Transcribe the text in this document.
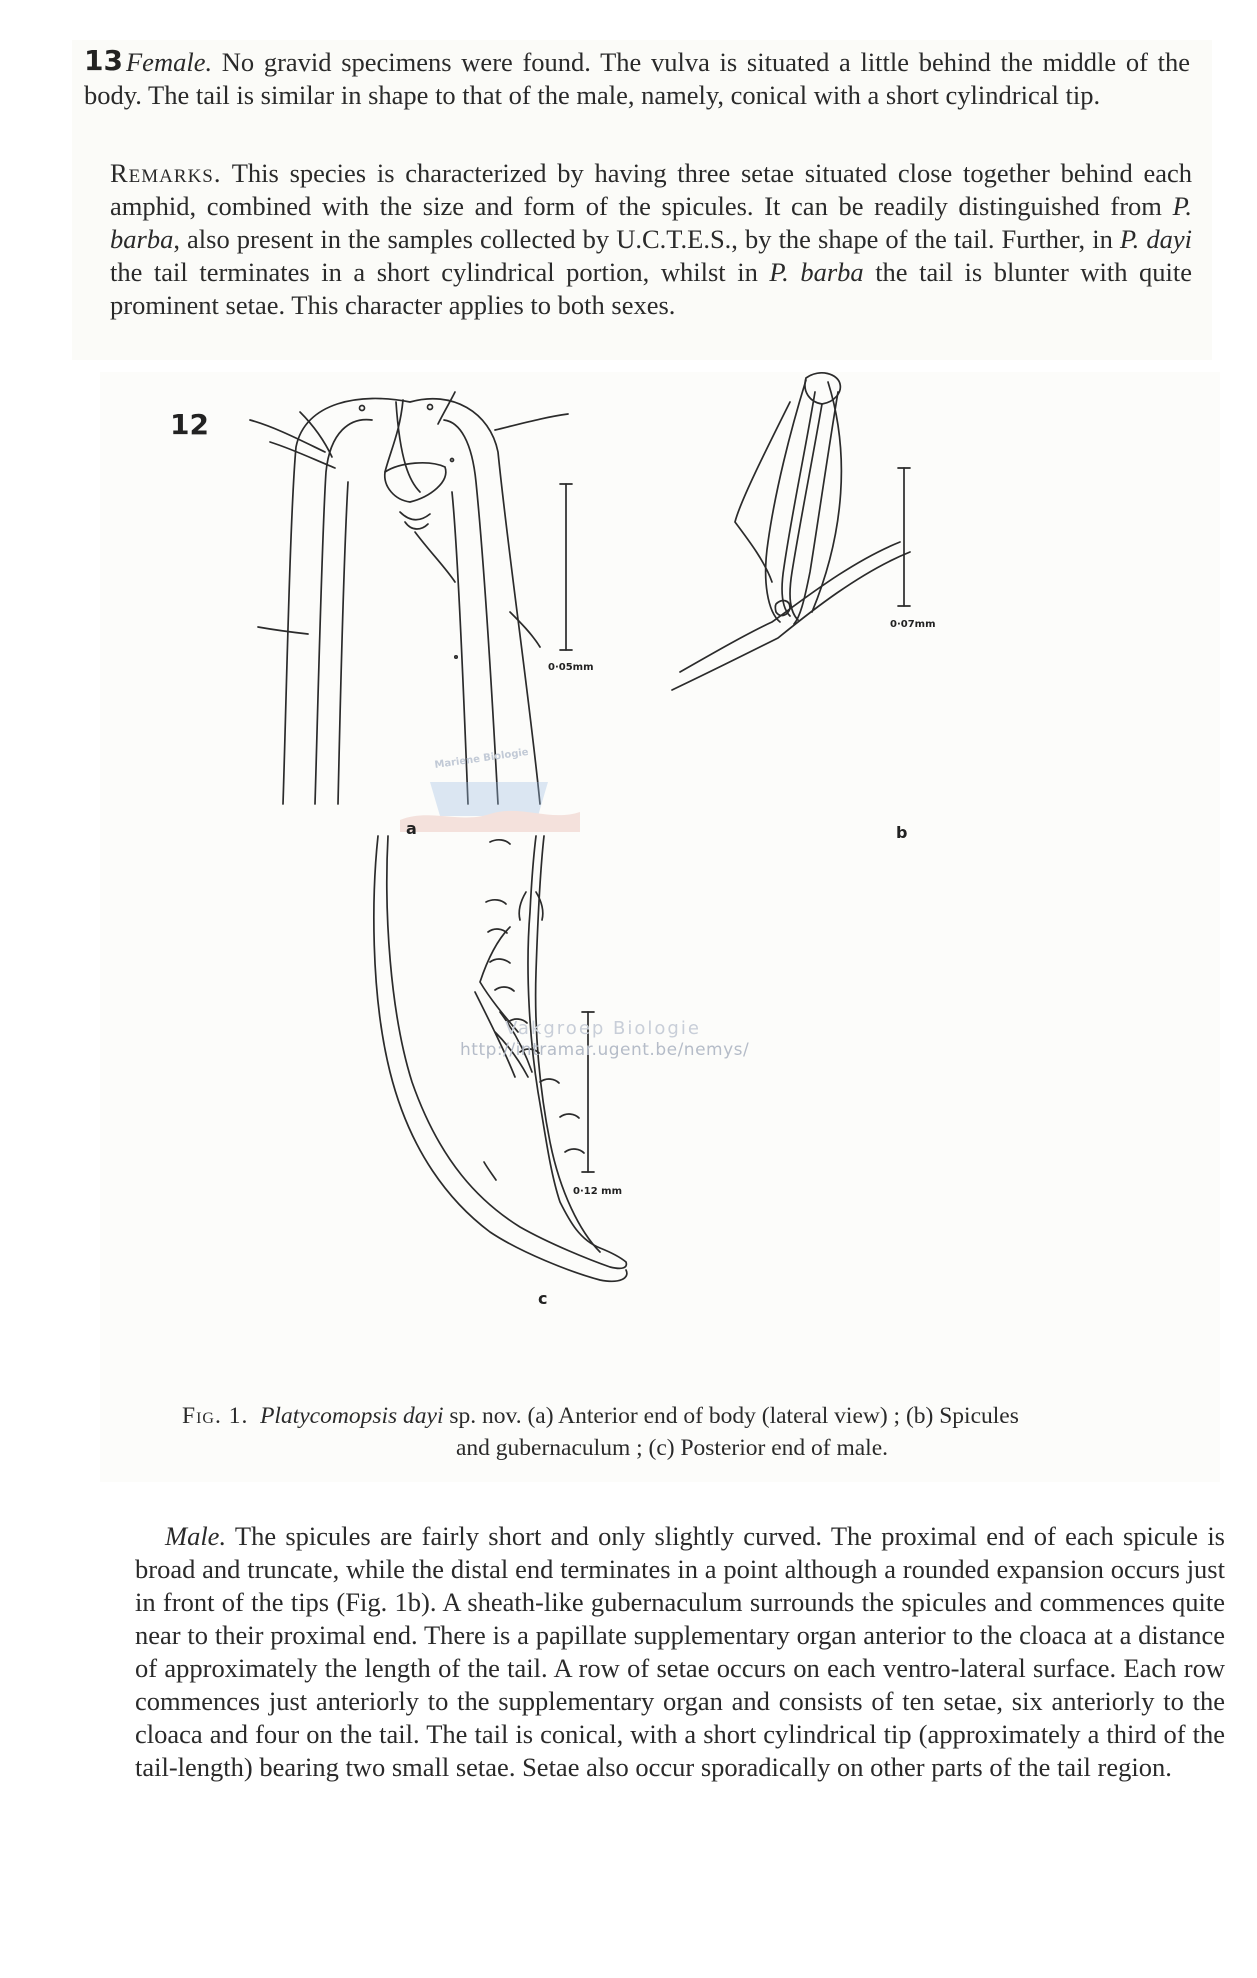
13 Female. No gravid specimens were found. The vulva is situated a little behind the middle of the body. The tail is similar in shape to that of the male, namely, conical with a short cylindrical tip.

Remarks. This species is characterized by having three setae situated close together behind each amphid, combined with the size and form of the spicules. It can be readily distinguished from P. barba, also present in the samples collected by U.C.T.E.S., by the shape of the tail. Further, in P. dayi the tail terminates in a short cylindrical portion, whilst in P. barba the tail is blunter with quite prominent setae. This character applies to both sexes.

12
a	b
c
0·05mm
0·07mm
0·12 mm
Mariene Biologie
Vakgroep Biologie
http://intramar.ugent.be/nemys/

Fig. 1. Platycomopsis dayi sp. nov. (a) Anterior end of body (lateral view) ; (b) Spicules
and gubernaculum ; (c) Posterior end of male.

Male. The spicules are fairly short and only slightly curved. The proximal end of each spicule is broad and truncate, while the distal end terminates in a point although a rounded expansion occurs just in front of the tips (Fig. 1b). A sheath-like gubernaculum surrounds the spicules and commences quite near to their proximal end. There is a papillate supplementary organ anterior to the cloaca at a distance of approximately the length of the tail. A row of setae occurs on each ventro-lateral surface. Each row commences just anteriorly to the supplementary organ and consists of ten setae, six anteriorly to the cloaca and four on the tail. The tail is conical, with a short cylindrical tip (approximately a third of the tail-length) bearing two small setae. Setae also occur sporadically on other parts of the tail region.
